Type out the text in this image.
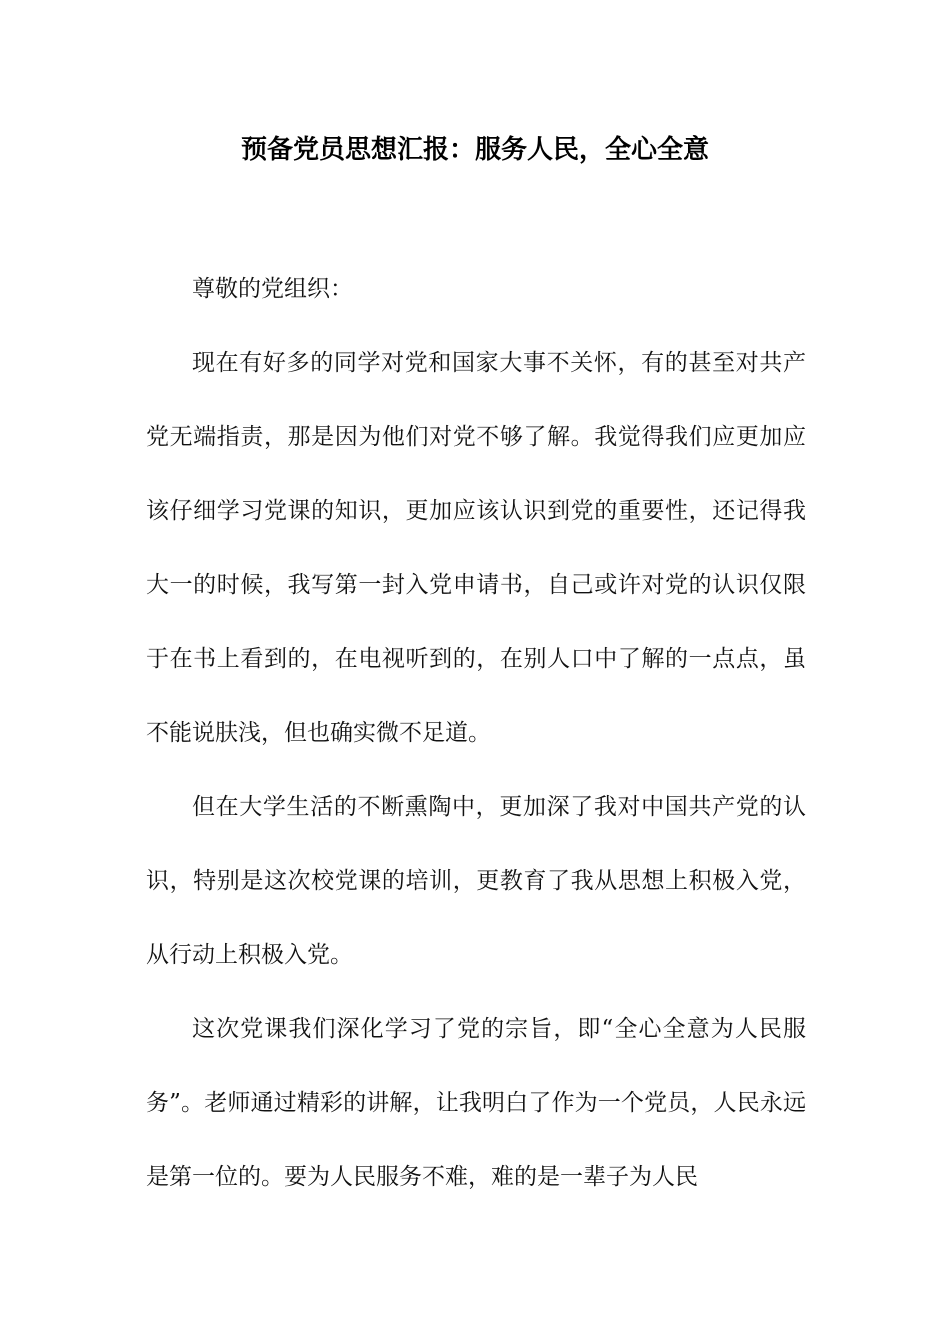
预备党员思想汇报：服务人民，全心全意

尊敬的党组织：

现在有好多的同学对党和国家大事不关怀，有的甚至对共产党无端指责，那是因为他们对党不够了解。我觉得我们应更加应该仔细学习党课的知识，更加应该认识到党的重要性，还记得我大一的时候，我写第一封入党申请书，自己或许对党的认识仅限于在书上看到的，在电视听到的，在别人口中了解的一点点，虽不能说肤浅，但也确实微不足道。

但在大学生活的不断熏陶中，更加深了我对中国共产党的认识，特别是这次校党课的培训，更教育了我从思想上积极入党，从行动上积极入党。

这次党课我们深化学习了党的宗旨，即“全心全意为人民服务”。老师通过精彩的讲解，让我明白了作为一个党员，人民永远是第一位的。要为人民服务不难，难的是一辈子为人民
